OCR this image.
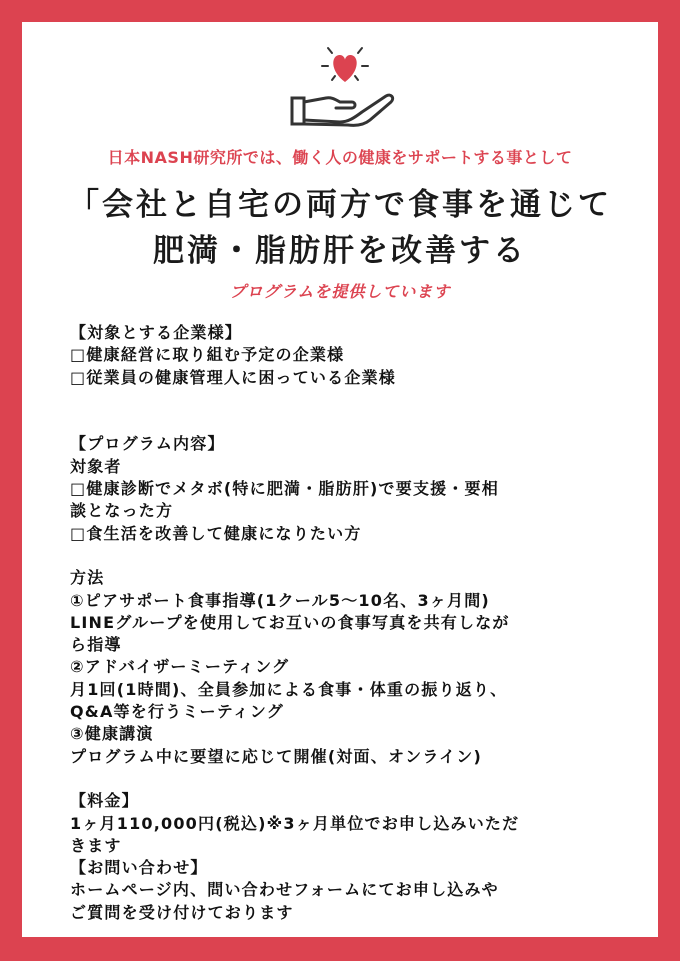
日本NASH研究所では、働く人の健康をサポートする事として
「会社と自宅の両方で食事を通じて
肥満・脂肪肝を改善する
プログラムを提供しています
【対象とする企業様】
□健康経営に取り組む予定の企業様
□従業員の健康管理人に困っている企業様
【プログラム内容】
対象者
□健康診断でメタボ(特に肥満・脂肪肝)で要支援・要相
談となった方
□食生活を改善して健康になりたい方
方法
①ピアサポート食事指導(1クール5～10名、3ヶ月間)
LINEグループを使用してお互いの食事写真を共有しなが
ら指導
②アドバイザーミーティング
月1回(1時間)、全員参加による食事・体重の振り返り、
Q&A等を行うミーティング
③健康講演
プログラム中に要望に応じて開催(対面、オンライン)
【料金】
1ヶ月110,000円(税込)※3ヶ月単位でお申し込みいただ
きます
【お問い合わせ】
ホームページ内、問い合わせフォームにてお申し込みや
ご質問を受け付けております
